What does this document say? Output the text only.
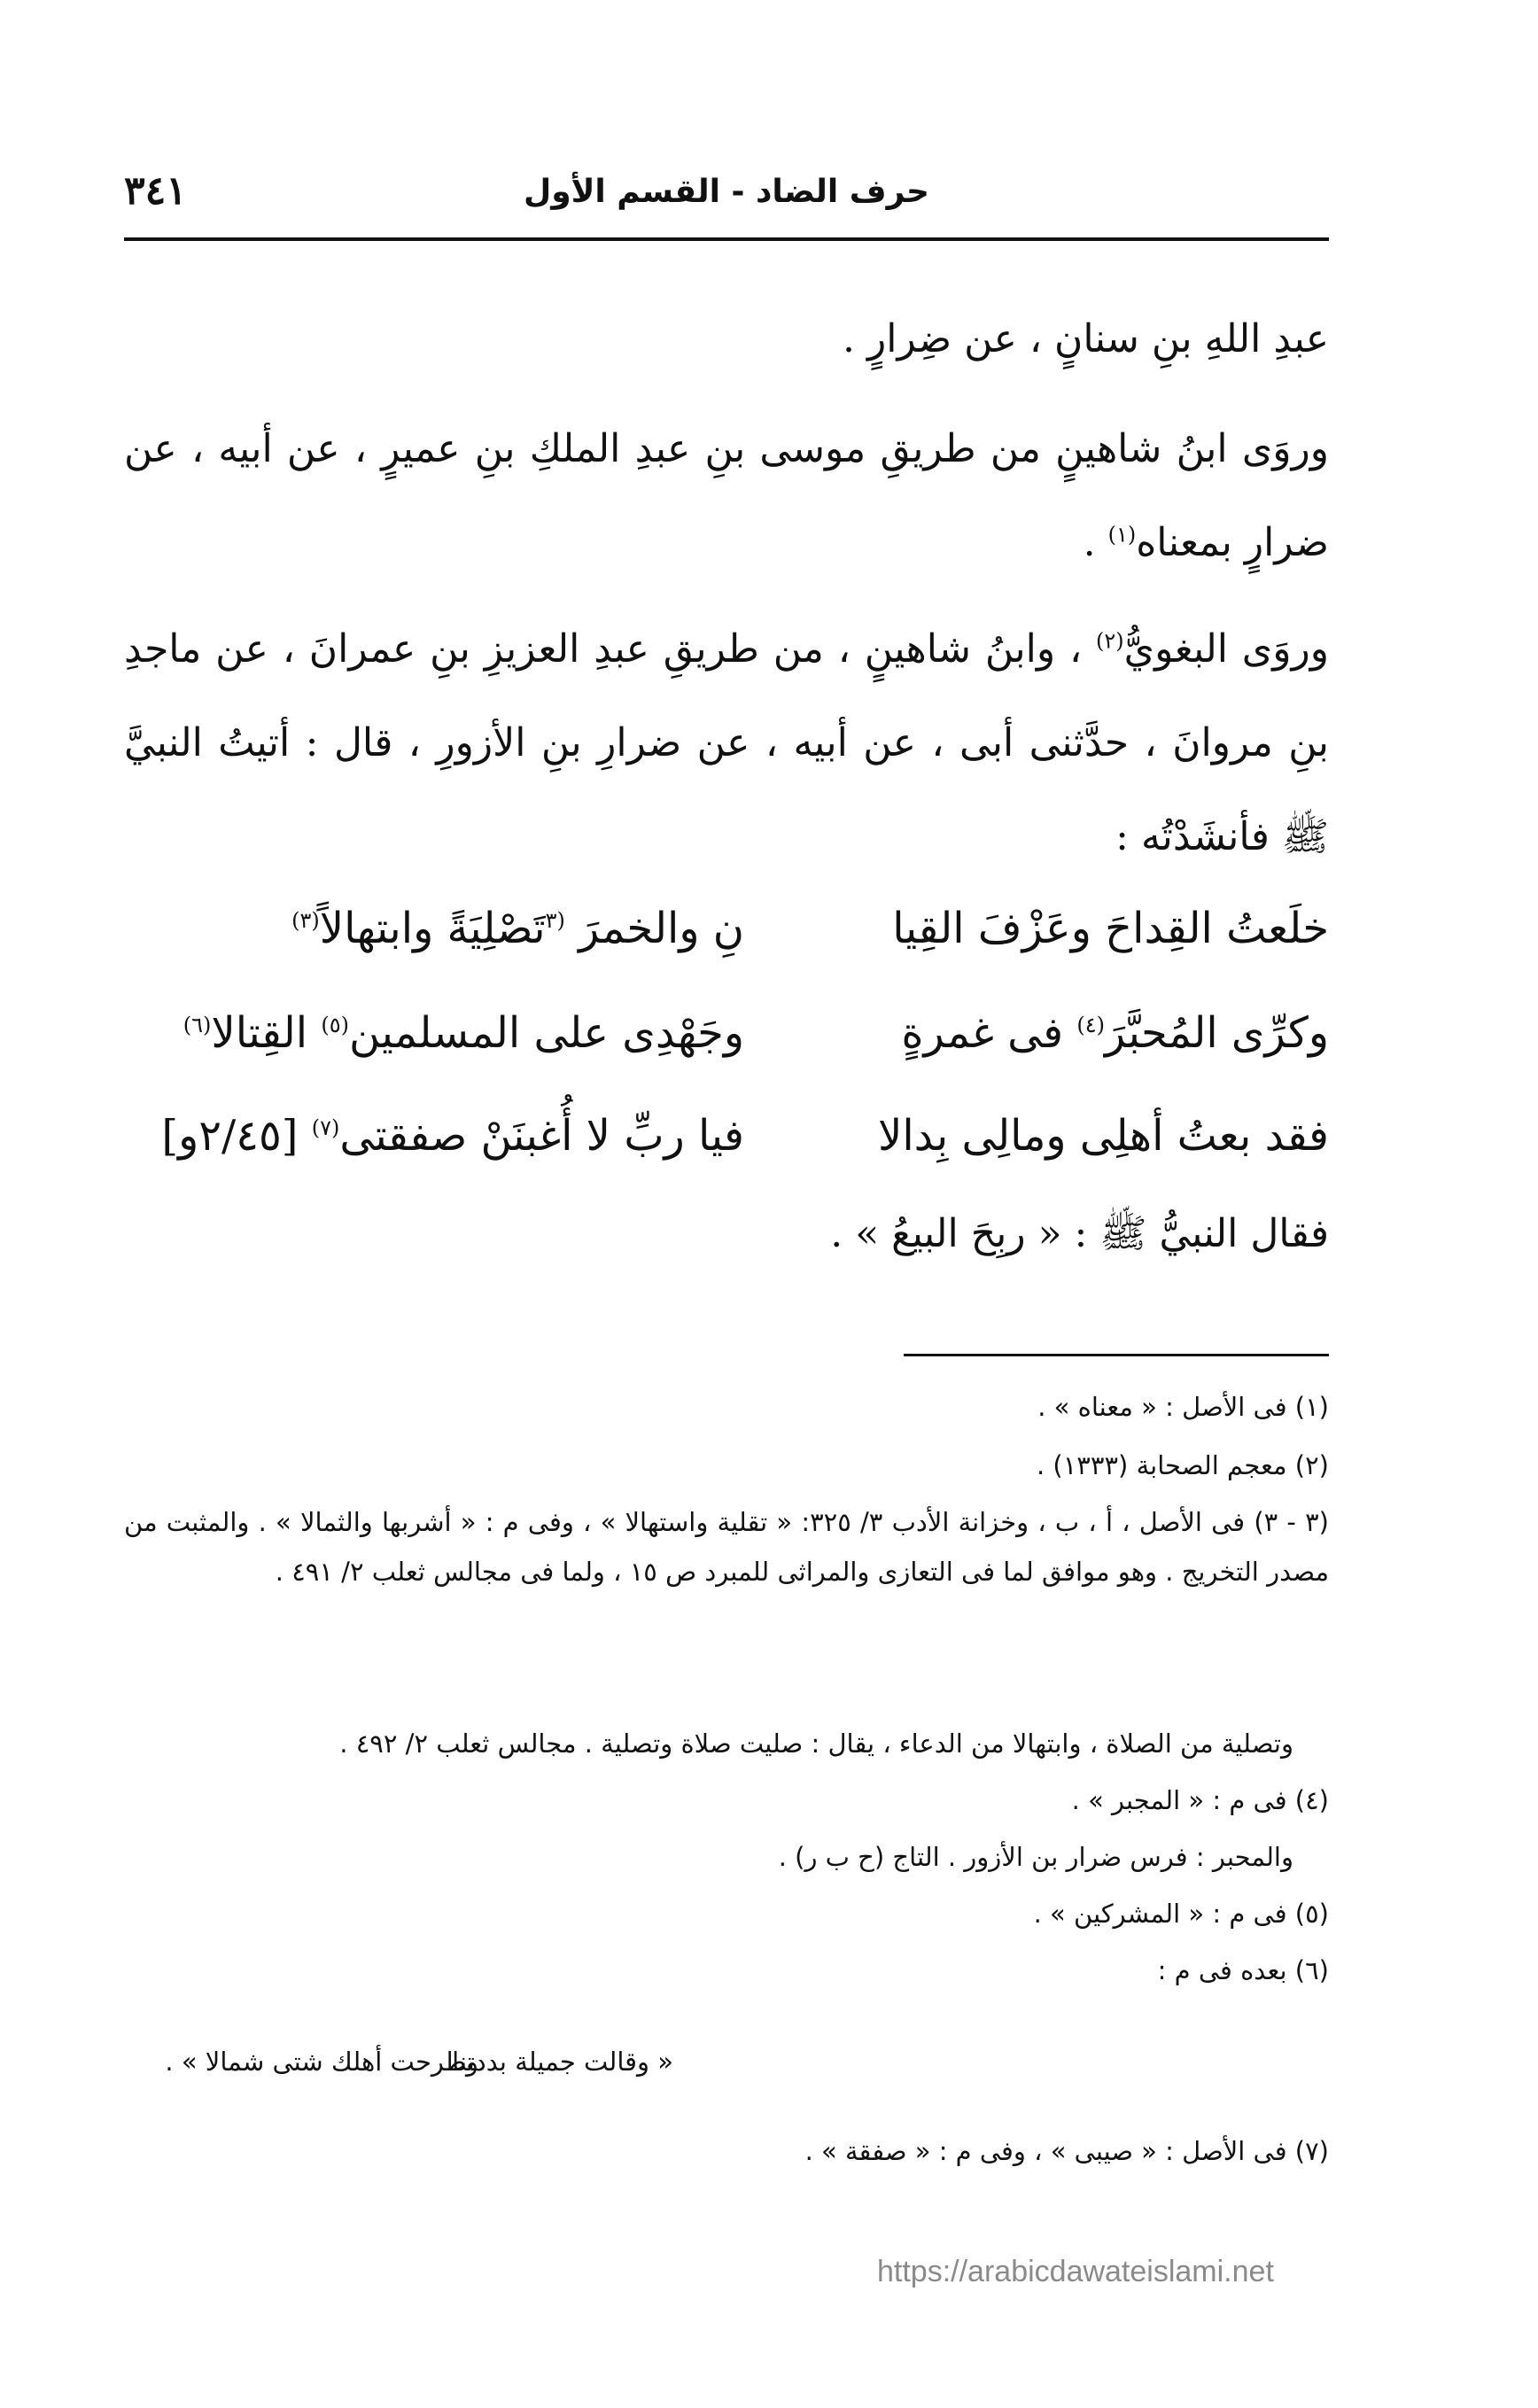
٣٤١	حرف الضاد - القسم الأول
عبدِ اللهِ بنِ سنانٍ ، عن ضِرارٍ .
وروَى ابنُ شاهينٍ من طريقِ موسى بنِ عبدِ الملكِ بنِ عميرٍ ، عن أبيه ، عن ضرارٍ بمعناه$^{(١)}$ .
وروَى البغويُّ$^{(٢)}$ ، وابنُ شاهينٍ ، من طريقِ عبدِ العزيزِ بنِ عمرانَ ، عن ماجدِ بنِ مروانَ ، حدَّثنى أبى ، عن أبيه ، عن ضرارِ بنِ الأزورِ ، قال : أتيتُ النبيَّ ﷺ فأنشَدْتُه :
خلَعتُ القِداحَ وعَزْفَ القِيا
نِ والخمرَ $^{(٣}$تَصْلِيَةً وابتهالاً$^{(٣)}$
وكرِّى المُحبَّرَ$^{(٤)}$ فى غمرةٍ
وجَهْدِى على المسلمين$^{(٥)}$ القِتالا$^{(٦)}$
فقد بعتُ أهلِى ومالِى بِدالا
فيا ربِّ لا أُغبنَنْ صفقتى$^{(٧)}$ [٢/٤٥و]
فقال النبيُّ ﷺ : « ربِحَ البيعُ » .
(١) فى الأصل : « معناه » .
(٢) معجم الصحابة (١٣٣٣) .
(٣ - ٣) فى الأصل ، أ ، ب ، وخزانة الأدب ٣/ ٣٢٥: « تقلية واستهالا » ، وفى م : « أشربها والثمالا » . والمثبت من مصدر التخريج . وهو موافق لما فى التعازى والمراثى للمبرد ص ١٥ ، ولما فى مجالس ثعلب ٢/ ٤٩١ .
وتصلية من الصلاة ، وابتهالا من الدعاء ، يقال : صليت صلاة وتصلية . مجالس ثعلب ٢/ ٤٩٢ .
(٤) فى م : « المجبر » .
والمحبر : فرس ضرار بن الأزور . التاج (ح ب ر) .
(٥) فى م : « المشركين » .
(٦) بعده فى م :
« وقالت جميلة بددتنا
وطرحت أهلك شتى شمالا » .
(٧) فى الأصل : « صيبى » ، وفى م : « صفقة » .
https://arabicdawateislami.net
